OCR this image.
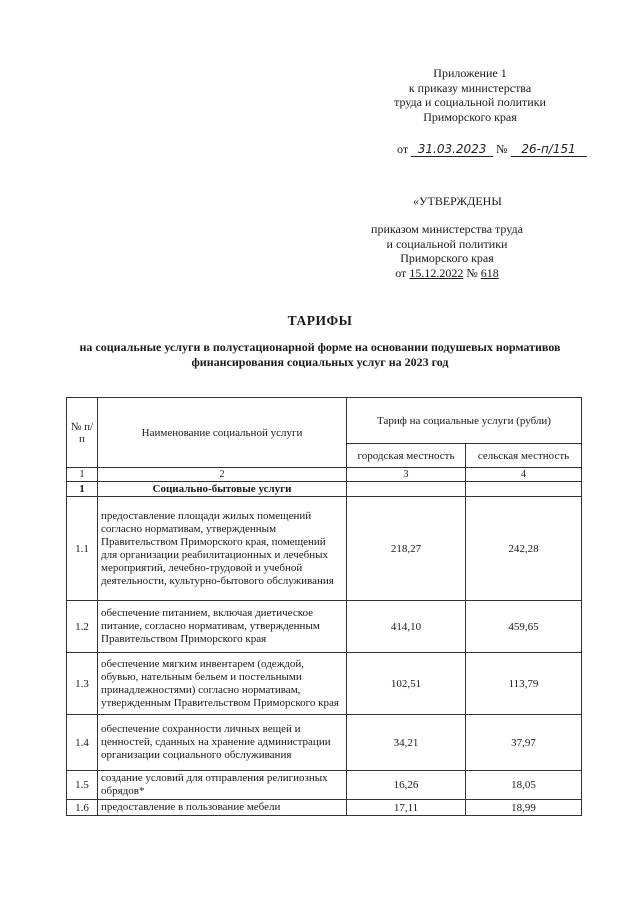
Приложение 1
к приказу министерства
труда и социальной политики
Приморского края
от 31.03.2023 № 26-п/151
«УТВЕРЖДЕНЫ
приказом министерства труда
и социальной политики
Приморского края
от 15.12.2022 № 618
ТАРИФЫ
на социальные услуги в полустационарной форме на основании подушевых нормативов финансирования социальных услуг на 2023 год
№ п/п	Наименование социальной услуги	Тариф на социальные услуги (рубли)	
		городская местность	сельская местность
1	2	3	4
1	Социально-бытовые услуги		
1.1	предоставление площади жилых помещений согласно нормативам, утвержденным Правительством Приморского края, помещений для организации реабилитационных и лечебных мероприятий, лечебно-трудовой и учебной деятельности, культурно-бытового обслуживания	218,27	242,28
1.2	обеспечение питанием, включая диетическое питание, согласно нормативам, утвержденным Правительством Приморского края	414,10	459,65
1.3	обеспечение мягким инвентарем (одеждой, обувью, нательным бельем и постельными принадлежностями) согласно нормативам, утвержденным Правительством Приморского края	102,51	113,79
1.4	обеспечение сохранности личных вещей и ценностей, сданных на хранение администрации организации социального обслуживания	34,21	37,97
1.5	создание условий для отправления религиозных обрядов*	16,26	18,05
1.6	предоставление в пользование мебели	17,11	18,99
